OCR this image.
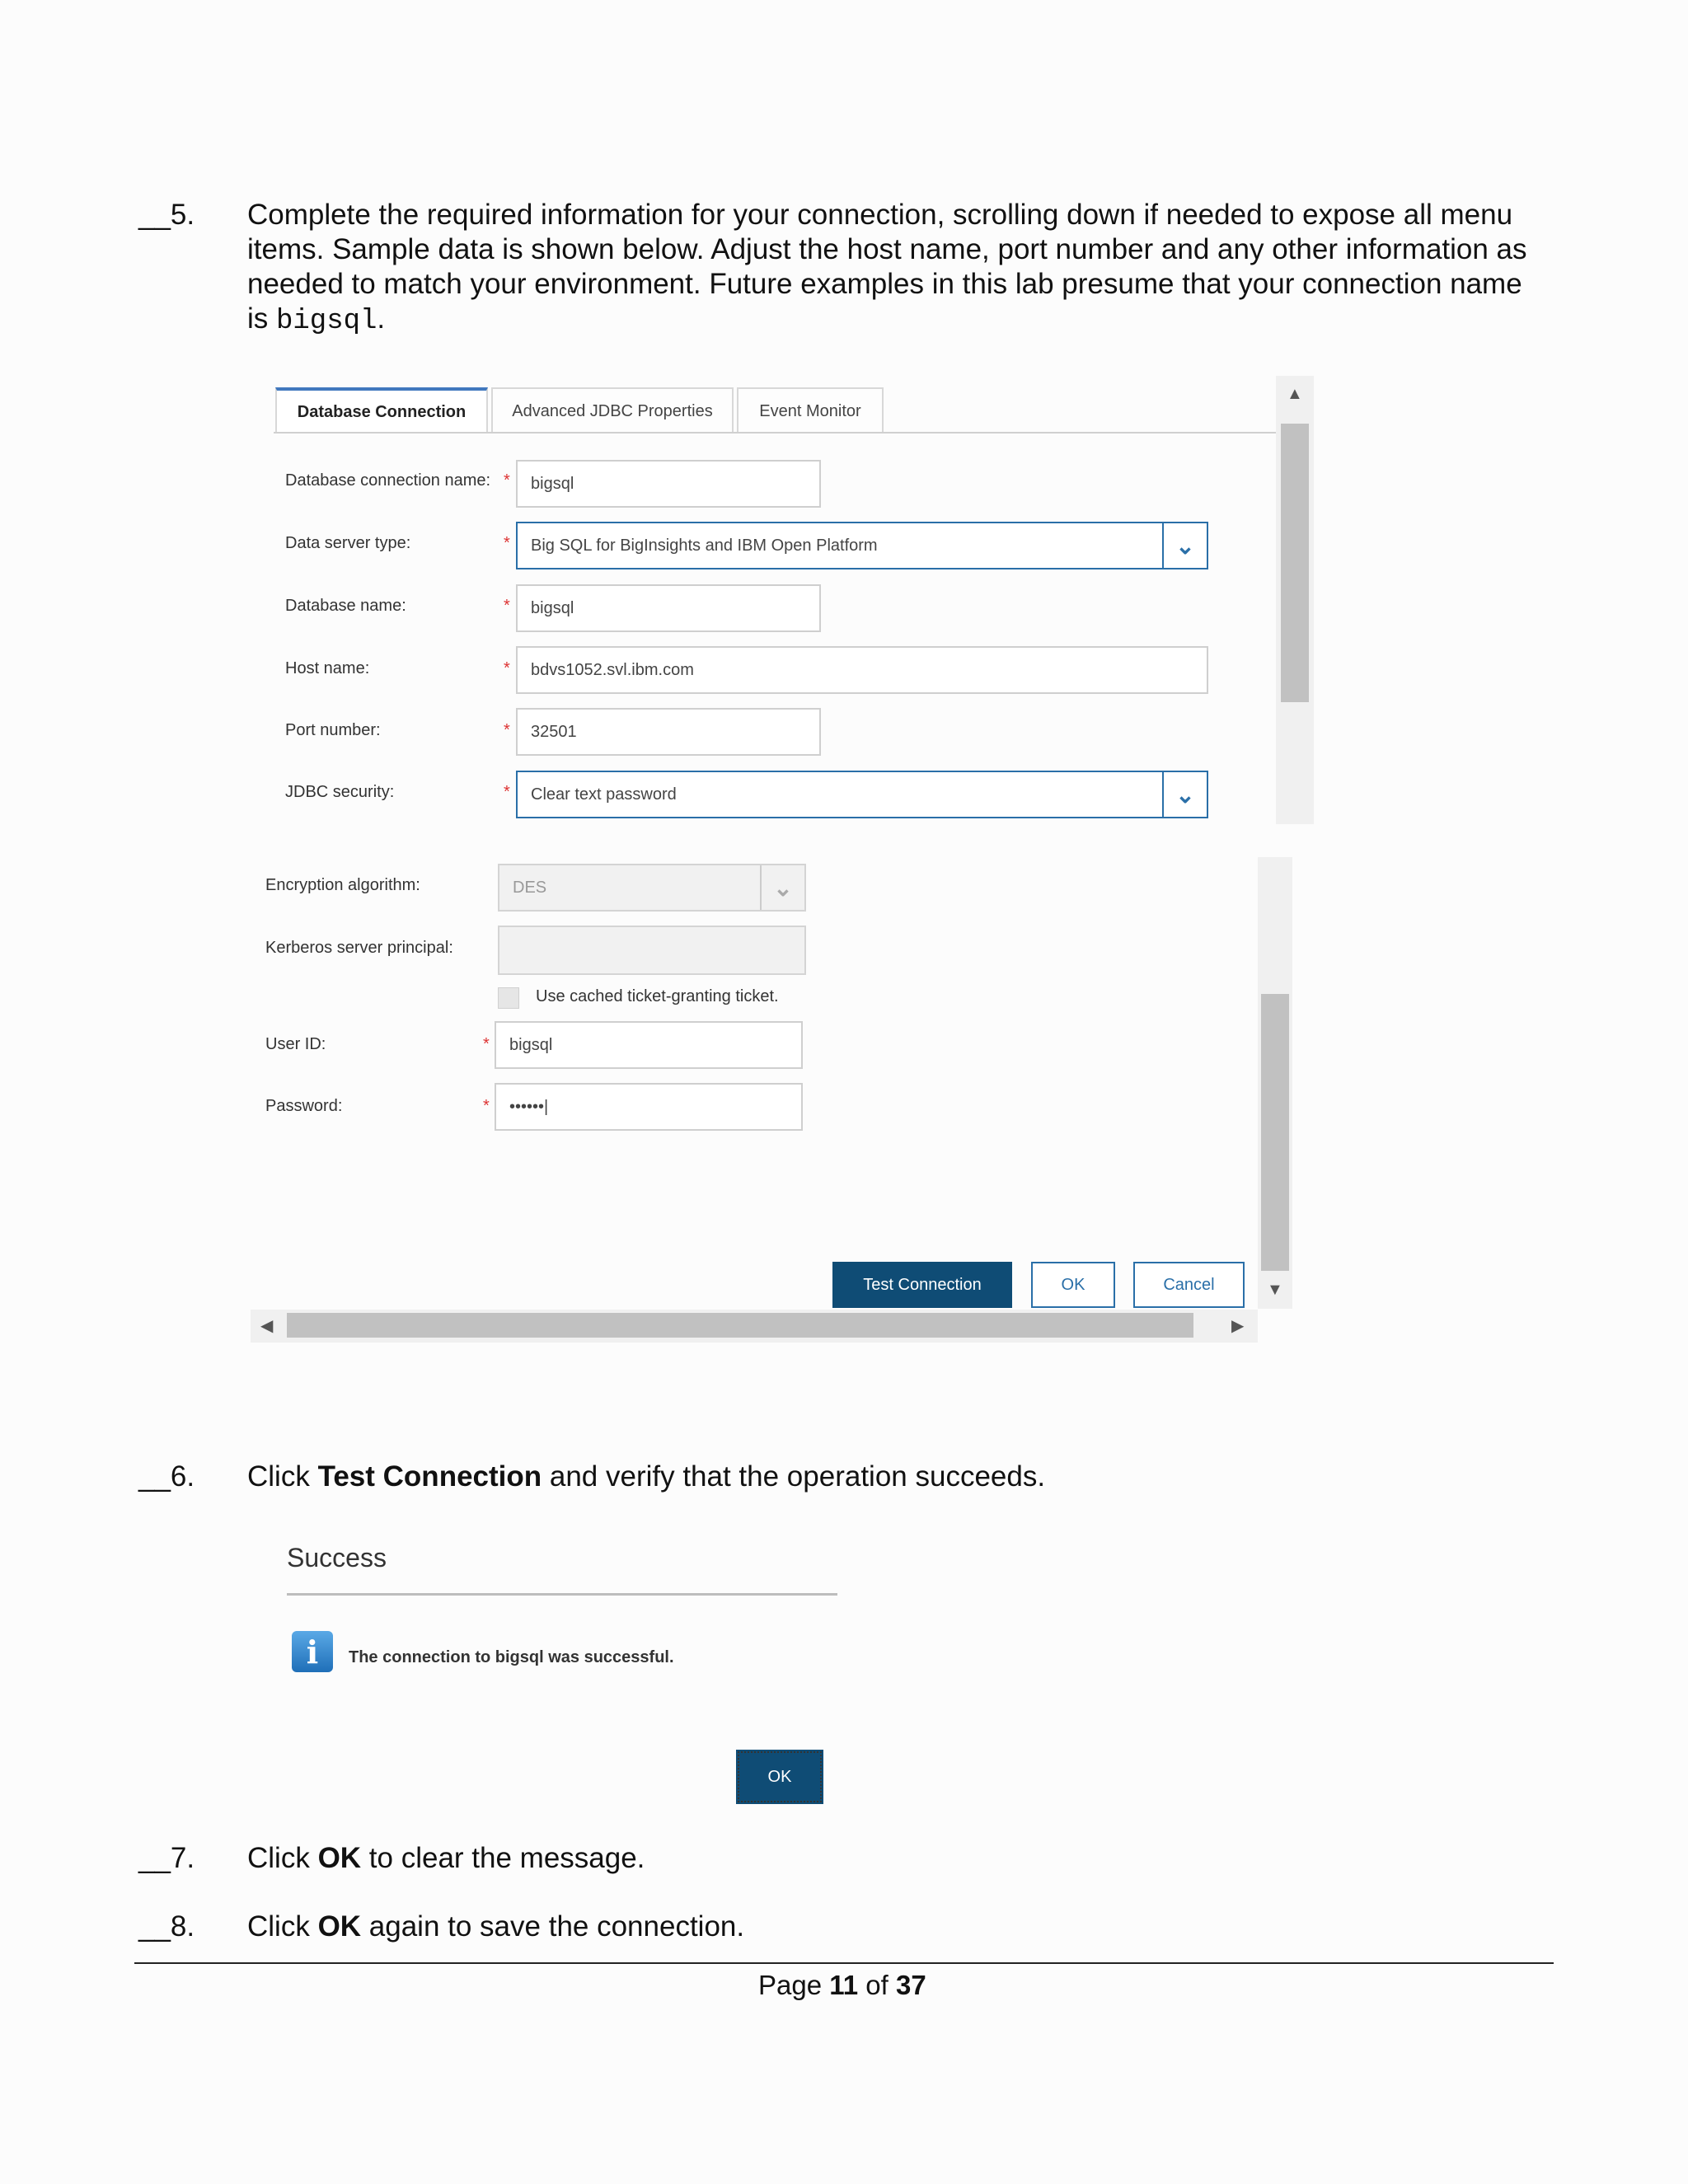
__5. Complete the required information for your connection, scrolling down if needed to expose all menu items. Sample data is shown below. Adjust the host name, port number and any other information as needed to match your environment. Future examples in this lab presume that your connection name is bigsql.
Database Connection	Advanced JDBC Properties	Event Monitor
▲
Database connection name: *	bigsql
Data server type:	* Big SQL for BigInsights and IBM Open Platform	⌄
Database name:	*	bigsql
Host name:	*	bdvs1052.svl.ibm.com
Port number:	*	32501
JDBC security:	* Clear text password	⌄
Encryption algorithm:	DES	⌄
Kerberos server principal:
Use cached ticket-granting ticket.
User ID:	*	bigsql
Password:	*	••••••|
▼
Test Connection	OK	Cancel
◀	▶
__6. Click Test Connection and verify that the operation succeeds.
Success
i	The connection to bigsql was successful.
OK
__7. Click OK to clear the message.
__8. Click OK again to save the connection.
Page 11 of 37
